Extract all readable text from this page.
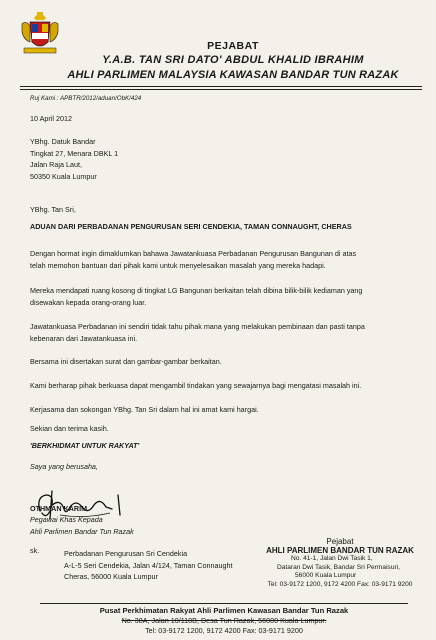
PEJABAT
Y.A.B. TAN SRI DATO' ABDUL KHALID IBRAHIM
AHLI PARLIMEN MALAYSIA KAWASAN BANDAR TUN RAZAK
Ruj Kami : APBTR/2012/aduan/ObK/424
10 April 2012
YBhg. Datuk Bandar
Tingkat 27, Menara DBKL 1
Jalan Raja Laut,
50350 Kuala Lumpur
YBhg. Tan Sri,
ADUAN DARI PERBADANAN PENGURUSAN SERI CENDEKIA, TAMAN CONNAUGHT, CHERAS
Dengan hormat ingin dimaklumkan bahawa Jawatankuasa Perbadanan Pengurusan Bangunan di atas
telah memohon bantuan dari pihak kami untuk menyelesaikan masalah yang mereka hadapi.
Mereka mendapati ruang kosong di tingkat LG Bangunan berkaitan telah dibina bilik-bilik kediaman yang
disewakan kepada orang-orang luar.
Jawatankuasa Perbadanan ini sendiri tidak tahu pihak mana yang melakukan pembinaan dan pasti tanpa
kebenaran dari Jawatankuasa ini.
Bersama ini disertakan surat dan gambar-gambar berkaitan.
Kami berharap pihak berkuasa dapat mengambil tindakan yang sewajarnya bagi mengatasi masalah ini.
Kerjasama dan sokongan YBhg. Tan Sri dalam hal ini amat kami hargai.
Sekian dan terima kasih.
'BERKHIDMAT UNTUK RAKYAT'
Saya yang berusaha,
OTHMAN KARIM
Pegawai Khas Kepada
Ahli Parlimen Bandar Tun Razak
sk.	Perbadanan Pengurusan Sri Cendekia
A-L-5 Seri Cendekia, Jalan 4/124, Taman Connaught
Cheras, 56000 Kuala Lumpur
Pejabat
AHLI PARLIMEN BANDAR TUN RAZAK
No. 41-1, Jalan Dwi Tasik 1,
Dataran Dwi Tasik, Bandar Sri Permaisuri,
56000 Kuala Lumpur
Tel: 03-9172 1200, 9172 4200 Fax: 03-9171 9200
Pusat Perkhimatan Rakyat Ahli Parlimen Kawasan Bandar Tun Razak
No. 38A, Jalan 10/118B, Desa Tun Razak, 56000 Kuala Lumpur.
Tel: 03-9172 1200, 9172 4200 Fax: 03-9171 9200
